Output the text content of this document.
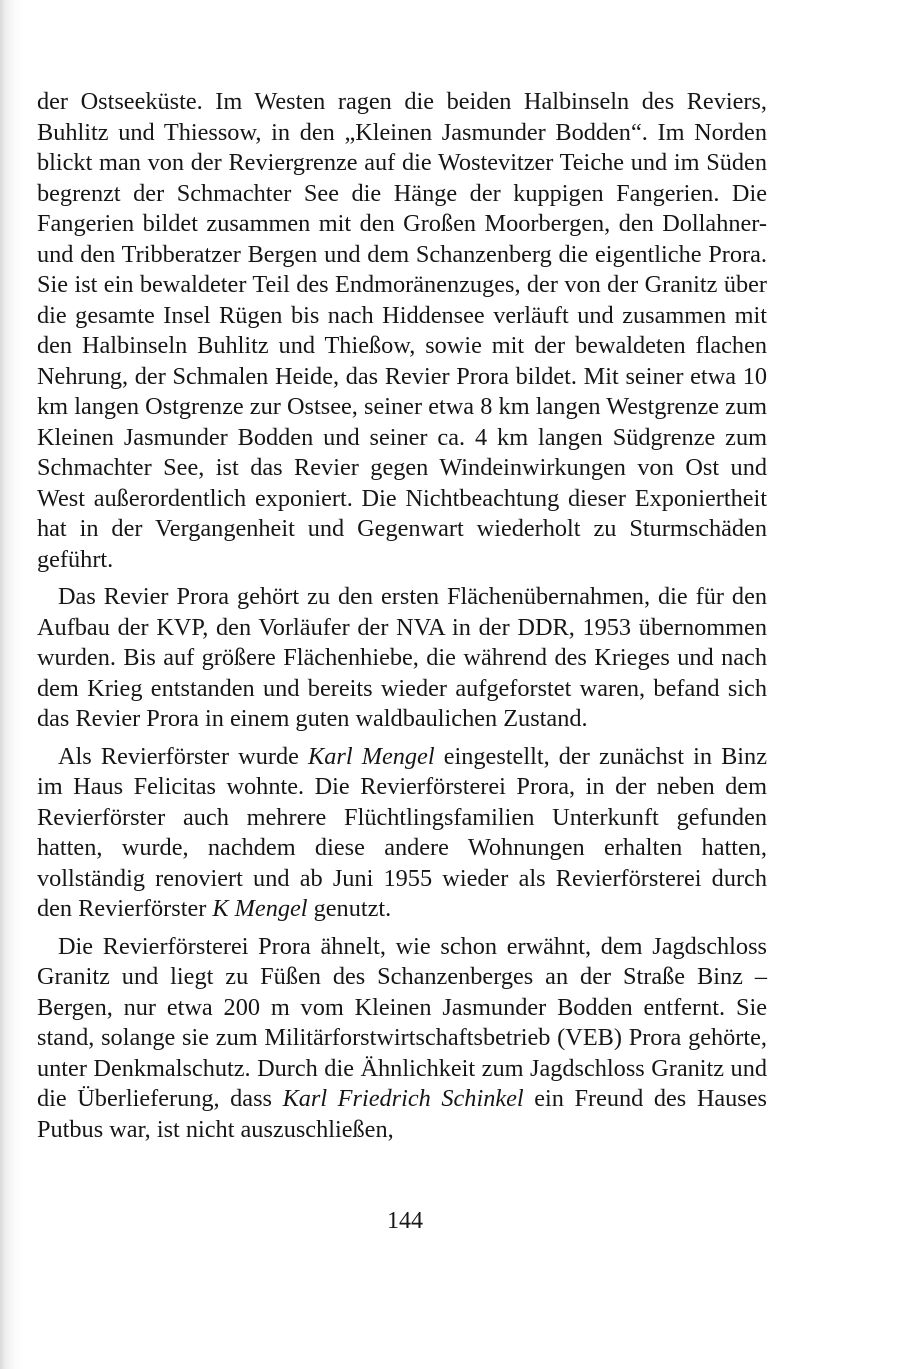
der Ostseeküste. Im Westen ragen die beiden Halbinseln des Reviers, Buhlitz und Thiessow, in den „Kleinen Jasmunder Bodden“. Im Norden blickt man von der Reviergrenze auf die Wostevitzer Teiche und im Süden begrenzt der Schmachter See die Hänge der kuppigen Fangerien. Die Fangerien bildet zusammen mit den Großen Moorbergen, den Dollahner- und den Tribberatzer Bergen und dem Schanzenberg die eigentliche Prora. Sie ist ein bewaldeter Teil des Endmoränenzuges, der von der Granitz über die gesamte Insel Rügen bis nach Hiddensee verläuft und zusammen mit den Halbinseln Buhlitz und Thießow, sowie mit der bewaldeten flachen Nehrung, der Schmalen Heide, das Revier Prora bildet. Mit seiner etwa 10 km langen Ostgrenze zur Ostsee, seiner etwa 8 km langen Westgrenze zum Kleinen Jasmunder Bodden und seiner ca. 4 km langen Südgrenze zum Schmachter See, ist das Revier gegen Windeinwirkungen von Ost und West außerordentlich exponiert. Die Nichtbeachtung dieser Exponiertheit hat in der Vergangenheit und Gegenwart wiederholt zu Sturmschäden geführt.

Das Revier Prora gehört zu den ersten Flächenübernahmen, die für den Aufbau der KVP, den Vorläufer der NVA in der DDR, 1953 übernommen wurden. Bis auf größere Flächenhiebe, die während des Krieges und nach dem Krieg entstanden und bereits wieder aufgeforstet waren, befand sich das Revier Prora in einem guten waldbaulichen Zustand.

Als Revierförster wurde Karl Mengel eingestellt, der zunächst in Binz im Haus Felicitas wohnte. Die Revierförsterei Prora, in der neben dem Revierförster auch mehrere Flüchtlingsfamilien Unterkunft gefunden hatten, wurde, nachdem diese andere Wohnungen erhalten hatten, vollständig renoviert und ab Juni 1955 wieder als Revierförsterei durch den Revierförster K Mengel genutzt.

Die Revierförsterei Prora ähnelt, wie schon erwähnt, dem Jagdschloss Granitz und liegt zu Füßen des Schanzenberges an der Straße Binz – Bergen, nur etwa 200 m vom Kleinen Jasmunder Bodden entfernt. Sie stand, solange sie zum Militärforstwirtschaftsbetrieb (VEB) Prora gehörte, unter Denkmalschutz. Durch die Ähnlichkeit zum Jagdschloss Granitz und die Überlieferung, dass Karl Friedrich Schinkel ein Freund des Hauses Putbus war, ist nicht auszuschließen,

144
